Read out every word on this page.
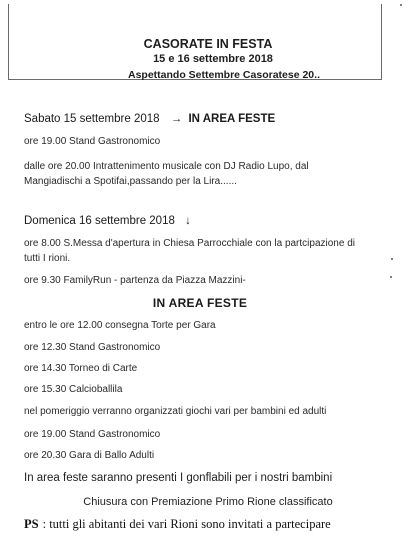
CASORATE IN FESTA
15 e 16 settembre 2018
Aspettando Settembre Casoratese 20..
Sabato 15 settembre 2018 → IN AREA FESTE
ore 19.00 Stand Gastronomico
dalle ore 20.00 Intrattenimento musicale con DJ Radio Lupo, dal
Mangiadischi a Spotifai,passando per la Lira......
Domenica 16 settembre 2018 ↓
ore 8.00 S.Messa d'apertura in Chiesa Parrocchiale con la partcipazione di
tutti I rioni.
ore 9.30 FamilyRun - partenza da Piazza Mazzini-
IN AREA FESTE
entro le ore 12.00 consegna Torte per Gara
ore 12.30 Stand Gastronomico
ore 14.30 Torneo di Carte
ore 15.30 Calcioballila
nel pomeriggio verranno organizzati giochi vari per bambini ed adulti
ore 19.00 Stand Gastronomico
ore 20.30 Gara di Ballo Adulti
In area feste saranno presenti I gonflabili per i nostri bambini
Chiusura con Premiazione Primo Rione classificato
PS : tutti gli abitanti dei vari Rioni sono invitati a partecipare
